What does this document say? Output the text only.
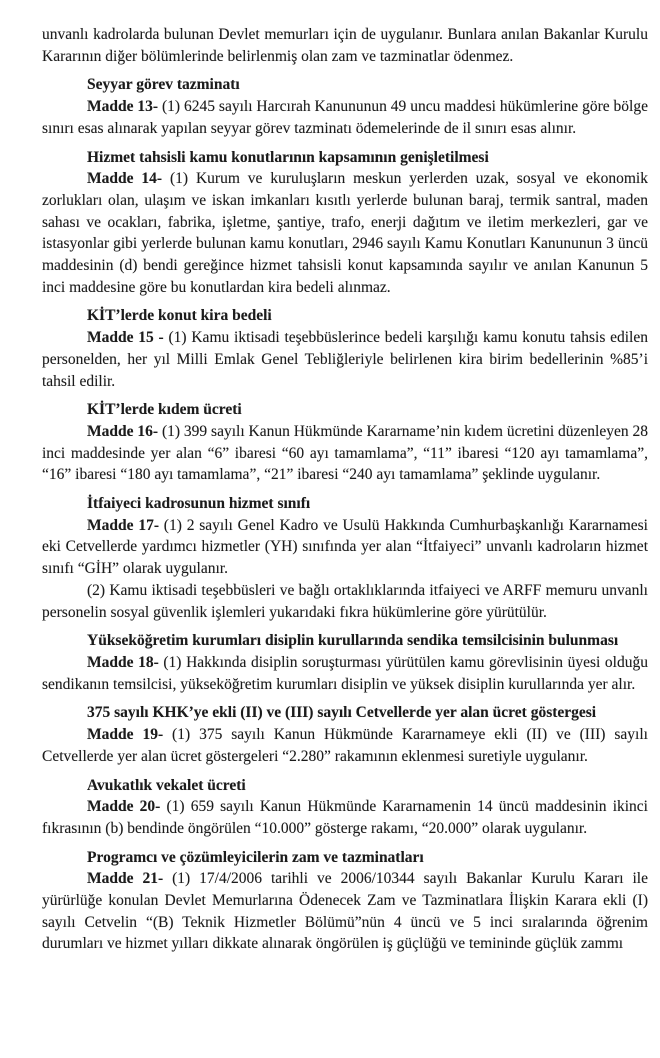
unvanlı kadrolarda bulunan Devlet memurları için de uygulanır. Bunlara anılan Bakanlar Kurulu Kararının diğer bölümlerinde belirlenmiş olan zam ve tazminatlar ödenmez.

Seyyar görev tazminatı

Madde 13- (1) 6245 sayılı Harcırah Kanununun 49 uncu maddesi hükümlerine göre bölge sınırı esas alınarak yapılan seyyar görev tazminatı ödemelerinde de il sınırı esas alınır.

Hizmet tahsisli kamu konutlarının kapsamının genişletilmesi

Madde 14- (1) Kurum ve kuruluşların meskun yerlerden uzak, sosyal ve ekonomik zorlukları olan, ulaşım ve iskan imkanları kısıtlı yerlerde bulunan baraj, termik santral, maden sahası ve ocakları, fabrika, işletme, şantiye, trafo, enerji dağıtım ve iletim merkezleri, gar ve istasyonlar gibi yerlerde bulunan kamu konutları, 2946 sayılı Kamu Konutları Kanununun 3 üncü maddesinin (d) bendi gereğince hizmet tahsisli konut kapsamında sayılır ve anılan Kanunun 5 inci maddesine göre bu konutlardan kira bedeli alınmaz.

KİT’lerde konut kira bedeli

Madde 15 - (1) Kamu iktisadi teşebbüslerince bedeli karşılığı kamu konutu tahsis edilen personelden, her yıl Milli Emlak Genel Tebliğleriyle belirlenen kira birim bedellerinin %85’i tahsil edilir.

KİT’lerde kıdem ücreti

Madde 16- (1) 399 sayılı Kanun Hükmünde Kararname’nin kıdem ücretini düzenleyen 28 inci maddesinde yer alan “6” ibaresi “60 ayı tamamlama”, “11” ibaresi “120 ayı tamamlama”, “16” ibaresi “180 ayı tamamlama”, “21” ibaresi “240 ayı tamamlama” şeklinde uygulanır.

İtfaiyeci kadrosunun hizmet sınıfı

Madde 17- (1) 2 sayılı Genel Kadro ve Usulü Hakkında Cumhurbaşkanlığı Kararnamesi eki Cetvellerde yardımcı hizmetler (YH) sınıfında yer alan “İtfaiyeci” unvanlı kadroların hizmet sınıfı “GİH” olarak uygulanır.

(2) Kamu iktisadi teşebbüsleri ve bağlı ortaklıklarında itfaiyeci ve ARFF memuru unvanlı personelin sosyal güvenlik işlemleri yukarıdaki fıkra hükümlerine göre yürütülür.

Yükseköğretim kurumları disiplin kurullarında sendika temsilcisinin bulunması

Madde 18- (1) Hakkında disiplin soruşturması yürütülen kamu görevlisinin üyesi olduğu sendikanın temsilcisi, yükseköğretim kurumları disiplin ve yüksek disiplin kurullarında yer alır.

375 sayılı KHK’ye ekli (II) ve (III) sayılı Cetvellerde yer alan ücret göstergesi

Madde 19- (1) 375 sayılı Kanun Hükmünde Kararnameye ekli (II) ve (III) sayılı Cetvellerde yer alan ücret göstergeleri “2.280” rakamının eklenmesi suretiyle uygulanır.

Avukatlık vekalet ücreti

Madde 20- (1) 659 sayılı Kanun Hükmünde Kararnamenin 14 üncü maddesinin ikinci fıkrasının (b) bendinde öngörülen “10.000” gösterge rakamı, “20.000” olarak uygulanır.

Programcı ve çözümleyicilerin zam ve tazminatları

Madde 21- (1) 17/4/2006 tarihli ve 2006/10344 sayılı Bakanlar Kurulu Kararı ile yürürlüğe konulan Devlet Memurlarına Ödenecek Zam ve Tazminatlara İlişkin Karara ekli (I) sayılı Cetvelin “(B) Teknik Hizmetler Bölümü”nün 4 üncü ve 5 inci sıralarında öğrenim durumları ve hizmet yılları dikkate alınarak öngörülen iş güçlüğü ve temininde güçlük zammı
